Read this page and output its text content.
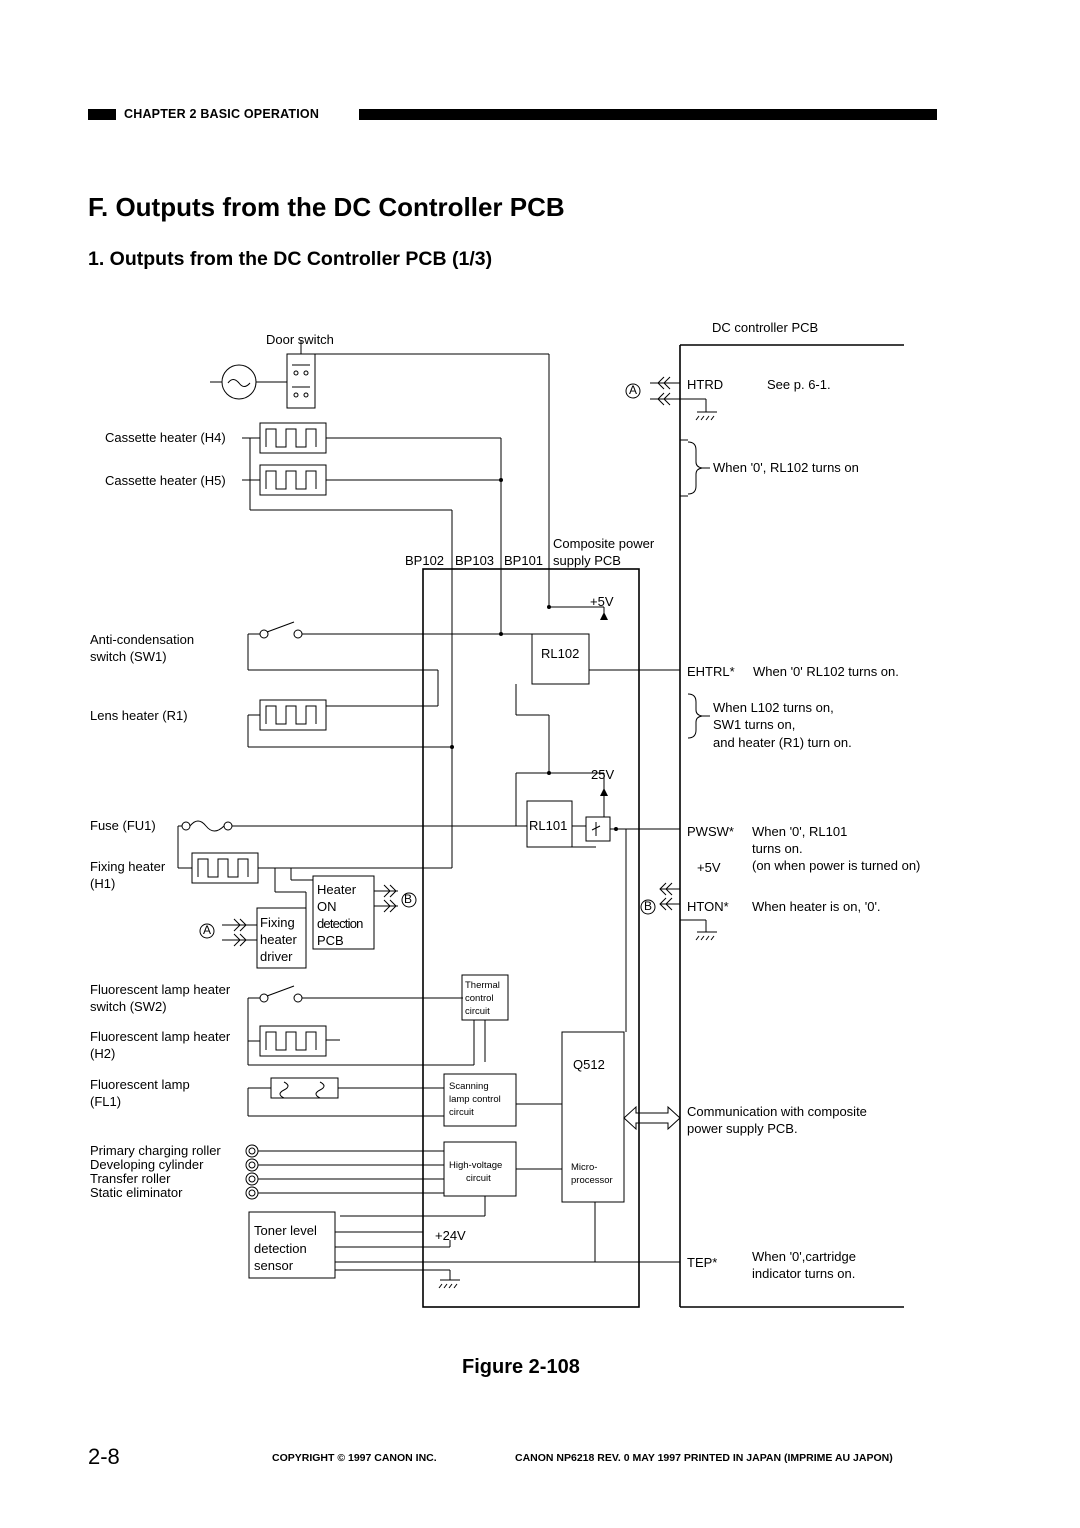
CHAPTER 2 BASIC OPERATION
F. Outputs from the DC Controller PCB
1. Outputs from the DC Controller PCB (1/3)
Door switch
DC controller PCB
Cassette heater (H4)
Cassette heater (H5)
Composite power
supply PCB
BP102 BP103 BP101
+5V
Anti-condensation
switch (SW1)	RL102
Lens heater (R1)
25V
Fuse (FU1)	RL101
Fixing heater
(H1)	Heater
ON
detection
PCB
Fixing
heater
driver
A
B
A
B
Thermal
control
circuit
Fluorescent lamp heater
switch (SW2)
Fluorescent lamp heater
(H2)
Q512
Fluorescent lamp
(FL1)
Scanning
lamp control
circuit
Primary charging roller
Developing cylinder
Transfer roller
Static eliminator
High-voltage
circuit
Micro-
processor
Toner level
detection
sensor
+24V
HTRD	See p. 6-1.
When '0', RL102 turns on
EHTRL* When '0' RL102 turns on.
When L102 turns on,
SW1 turns on,
and heater (R1) turn on.
PWSW* When '0', RL101
turns on.
+5V (on when power is turned on)
HTON* When heater is on, '0'.
Communication with composite
power supply PCB.
TEP*	When '0',cartridge
indicator turns on.
Figure 2-108
2-8	COPYRIGHT © 1997 CANON INC.	CANON NP6218 REV. 0 MAY 1997 PRINTED IN JAPAN (IMPRIME AU JAPON)
